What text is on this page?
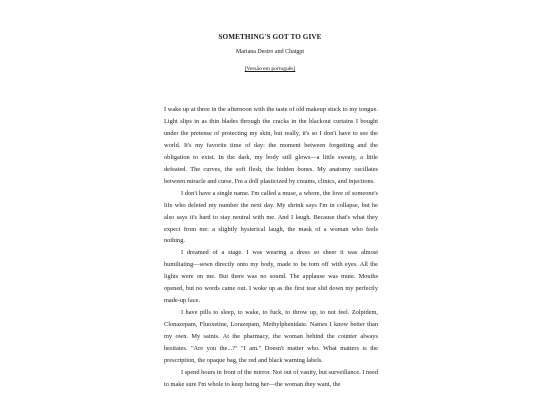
SOMETHING'S GOT TO GIVE
Mariana Destro and Chatgpt
[Versão em português]

I wake up at three in the afternoon with the taste of old makeup stuck to my tongue. Light slips in as thin blades through the cracks in the blackout curtains I bought under the pretense of protecting my skin, but really, it's so I don't have to see the world. It's my favorite time of day: the moment between forgetting and the obligation to exist. In the dark, my body still glows—a little sweaty, a little defeated. The curves, the soft flesh, the hidden bones. My anatomy oscillates between miracle and curse. I'm a doll plasticized by creams, clinics, and injections.

I don't have a single name. I'm called a muse, a whore, the love of someone's life who deleted my number the next day. My shrink says I'm in collapse, but he also says it's hard to stay neutral with me. And I laugh. Because that's what they expect from me: a slightly hysterical laugh, the mask of a woman who feels nothing.

I dreamed of a stage. I was wearing a dress so sheer it was almost humiliating—sewn directly onto my body, made to be torn off with eyes. All the lights were on me. But there was no sound. The applause was mute. Mouths opened, but no words came out. I woke up as the first tear slid down my perfectly made-up face.

I have pills to sleep, to wake, to fuck, to throw up, to not feel. Zolpidem, Clonazepam, Fluoxetine, Lorazepam, Methylphenidate. Names I know better than my own. My saints. At the pharmacy, the woman behind the counter always hesitates. "Are you the...?" "I am." Doesn't matter who. What matters is the prescription, the opaque bag, the red and black warning labels.

I spend hours in front of the mirror. Not out of vanity, but surveillance. I need to make sure I'm whole to keep being her—the woman they want, the
